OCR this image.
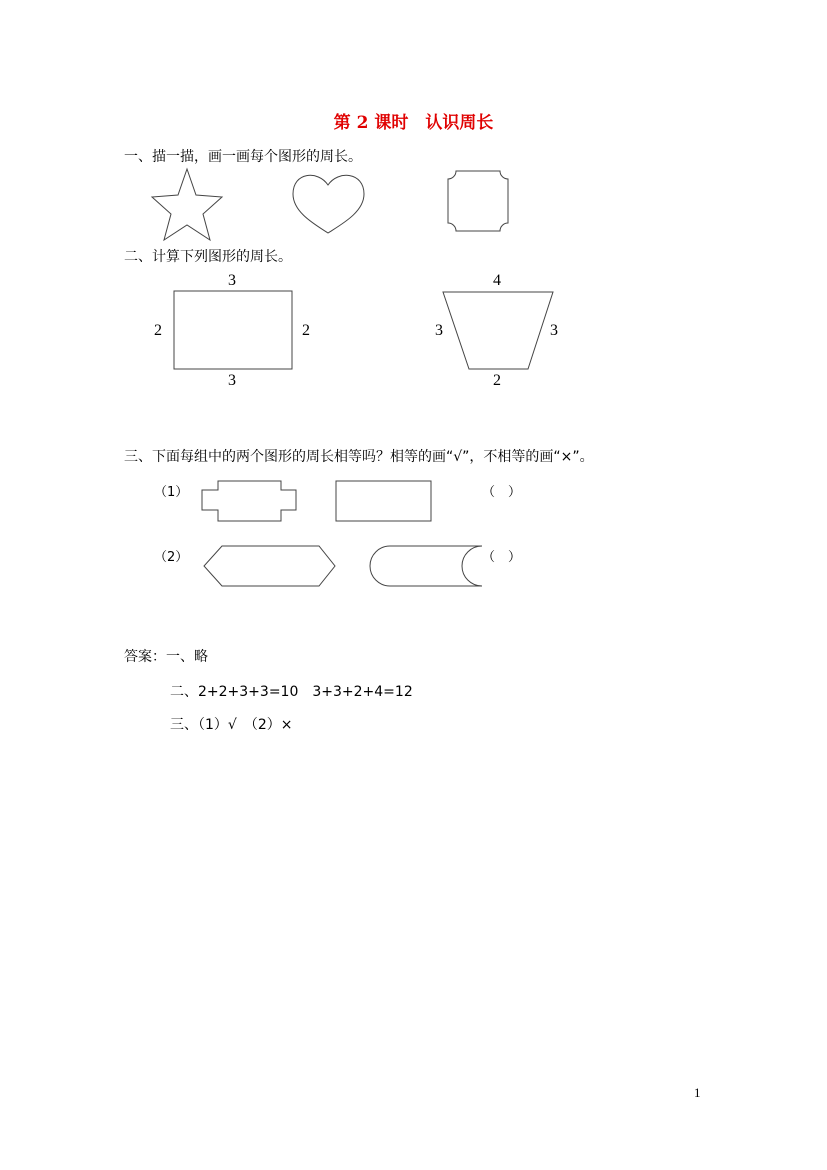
第 2 课时　认识周长
一、描一描，画一画每个图形的周长。
二、计算下列图形的周长。
3
3
2	2
4
2
3	3
三、下面每组中的两个图形的周长相等吗？相等的画“√”，不相等的画“×”。
（1）	（　）
（2）	（　）
答案：一、略
二、2+2+3+3=10　3+3+2+4=12
三、（1）√　（2）×
1
